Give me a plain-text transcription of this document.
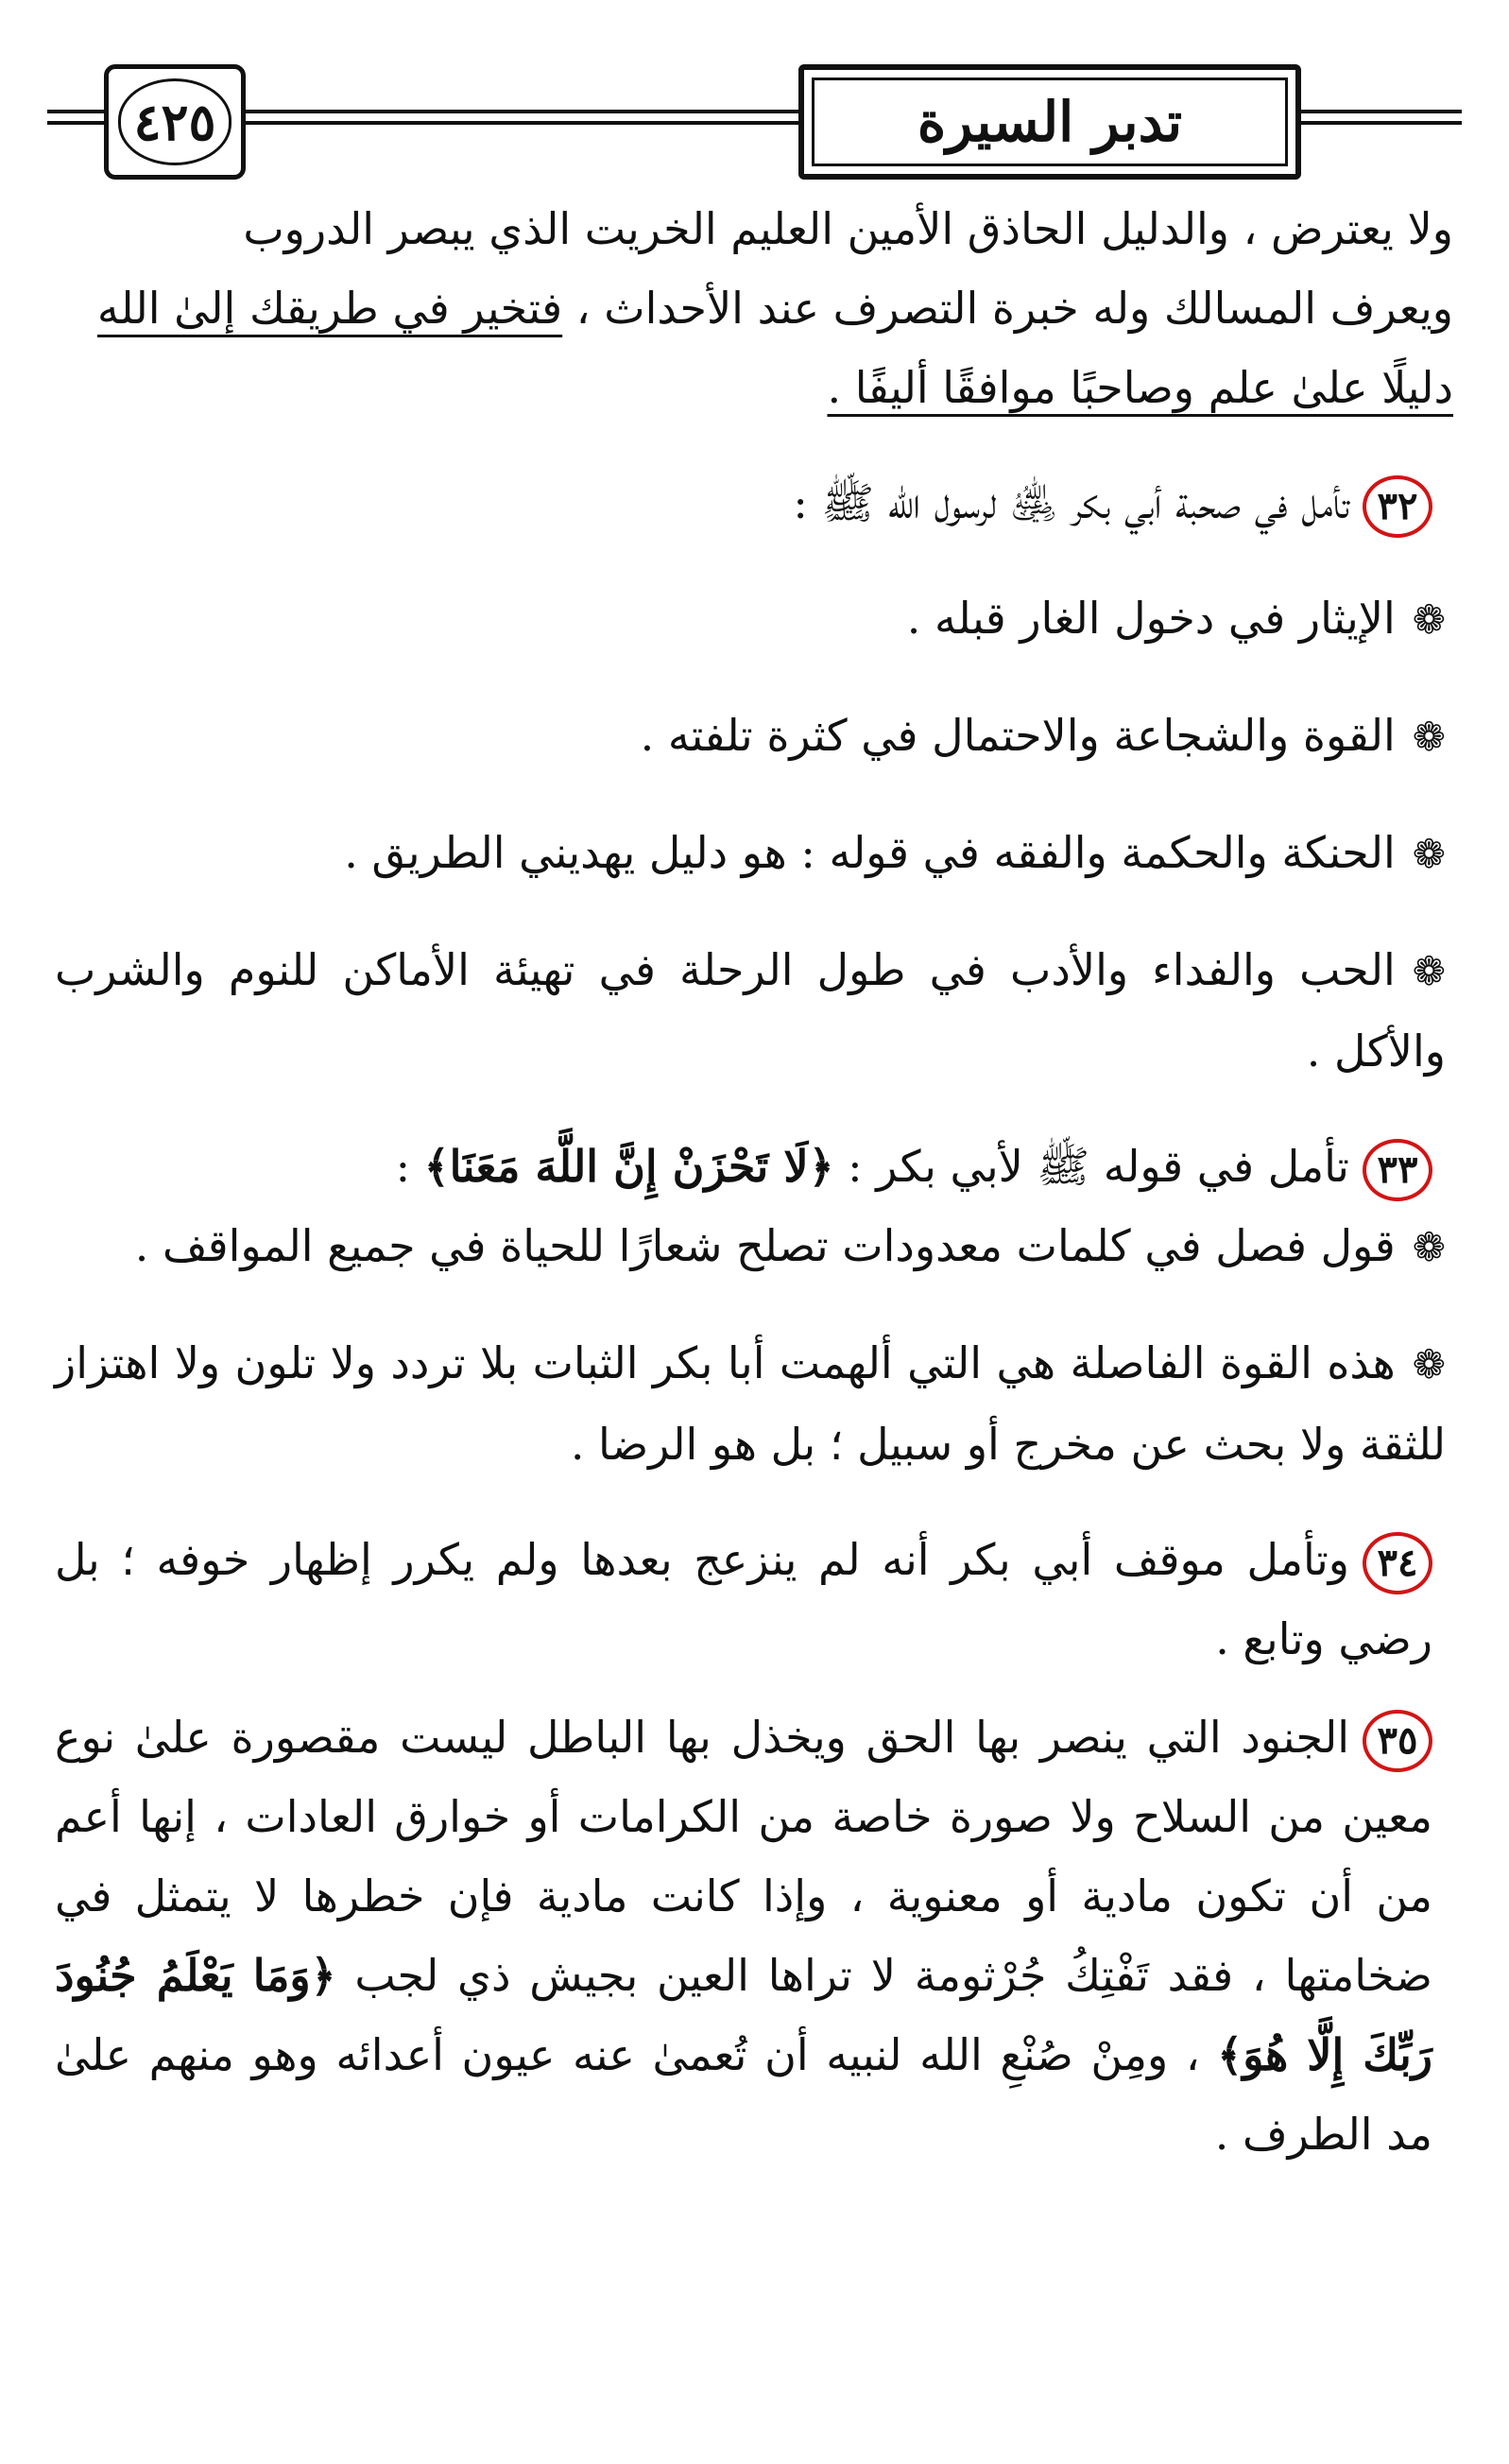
٤٢٥	تدبر السيرة

ولا يعترض ، والدليل الحاذق الأمين العليم الخريت الذي يبصر الدروب

ويعرف المسالك وله خبرة التصرف عند الأحداث ، فتخير في طريقك إلىٰ الله

دليلًا علىٰ علم وصاحبًا موافقًا أليفًا .

٣٢تأمل في صحبة أبي بكر ﵁ لرسول الله ﷺ :

❁الإيثار في دخول الغار قبله .

❁القوة والشجاعة والاحتمال في كثرة تلفته .

❁الحنكة والحكمة والفقه في قوله : هو دليل يهديني الطريق .

❁الحب والفداء والأدب في طول الرحلة في تهيئة الأماكن للنوم والشرب والأكل .

٣٣تأمل في قوله ﷺ لأبي بكر : ﴿لَا تَحْزَنْ إِنَّ اللَّهَ مَعَنَا﴾ :

❁قول فصل في كلمات معدودات تصلح شعارًا للحياة في جميع المواقف .

❁هذه القوة الفاصلة هي التي ألهمت أبا بكر الثبات بلا تردد ولا تلون ولا اهتزاز للثقة ولا بحث عن مخرج أو سبيل ؛ بل هو الرضا .

٣٤وتأمل موقف أبي بكر أنه لم ينزعج بعدها ولم يكرر إظهار خوفه ؛ بل رضي وتابع .

٣٥الجنود التي ينصر بها الحق ويخذل بها الباطل ليست مقصورة علىٰ نوع معين من السلاح ولا صورة خاصة من الكرامات أو خوارق العادات ، إنها أعم من أن تكون مادية أو معنوية ، وإذا كانت مادية فإن خطرها لا يتمثل في ضخامتها ، فقد تَفْتِكُ جُرْثومة لا تراها العين بجيش ذي لجب ﴿وَمَا يَعْلَمُ جُنُودَ رَبِّكَ إِلَّا هُوَ﴾ ، ومِنْ صُنْعِ الله لنبيه أن تُعمىٰ عنه عيون أعدائه وهو منهم علىٰ مد الطرف .
